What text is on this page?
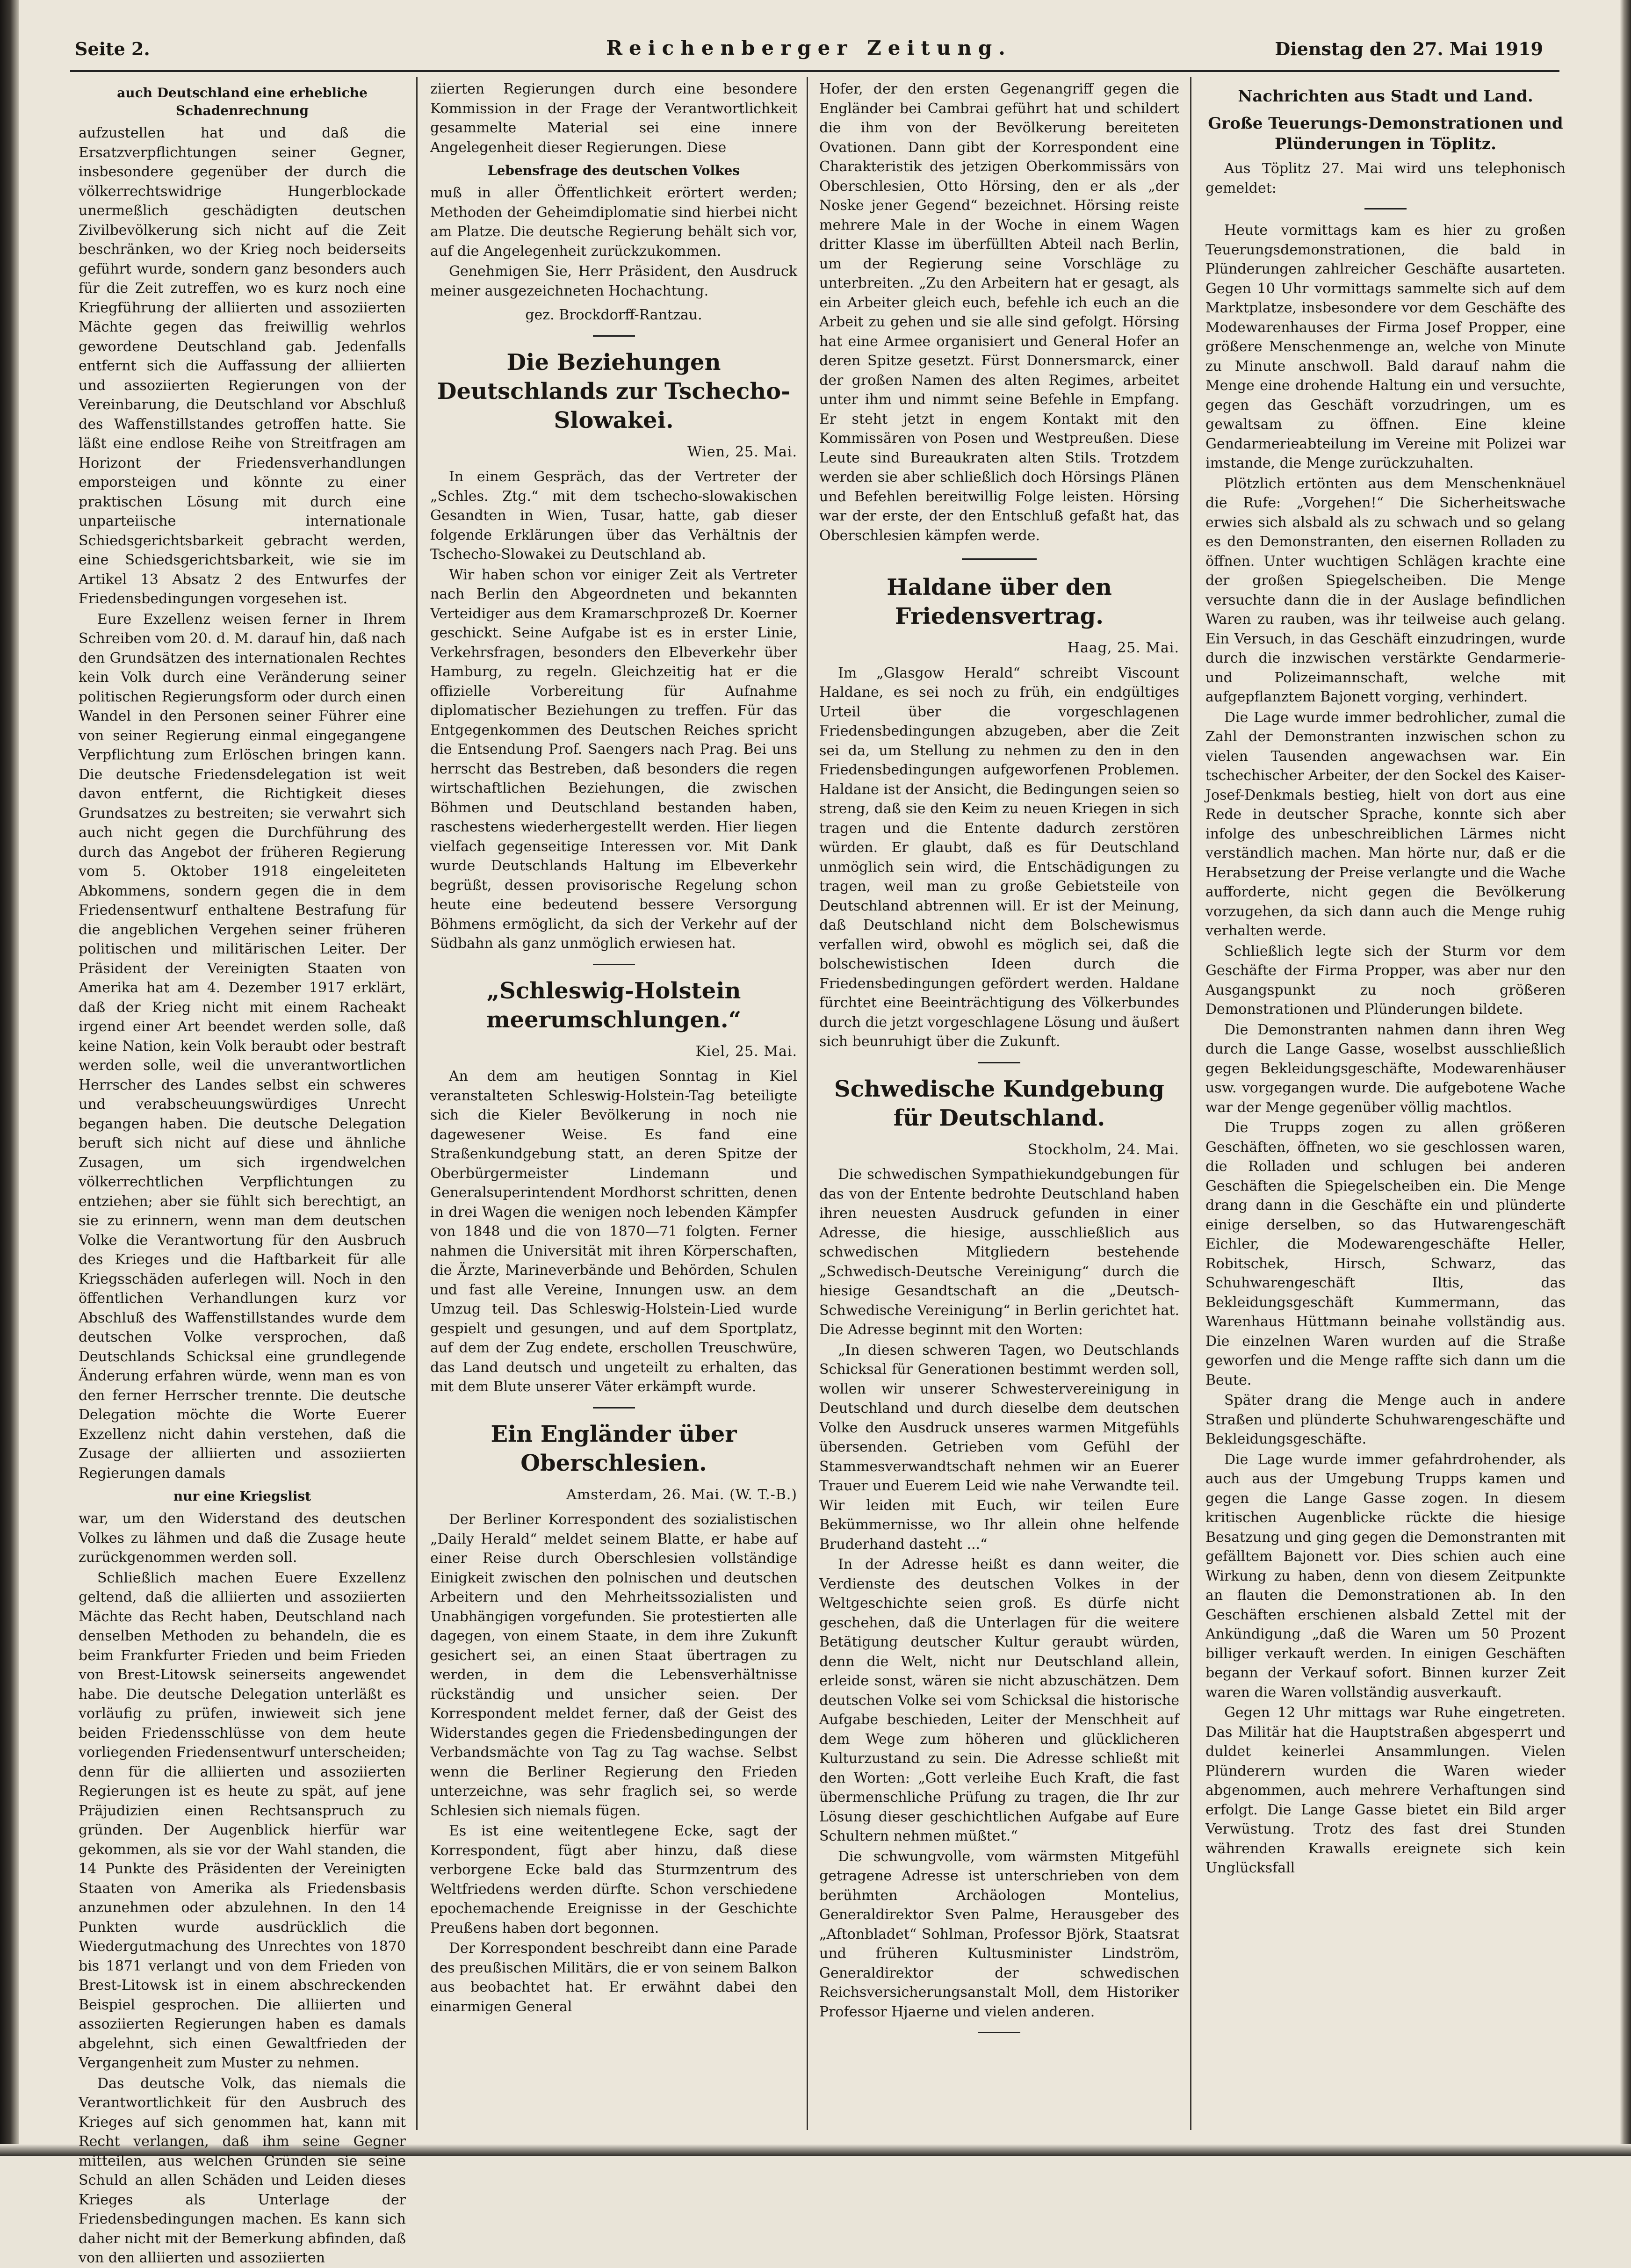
Seite 2.	Reichenberger Zeitung.	Dienstag den 27. Mai 1919
auch Deutschland eine erhebliche Schadenrechnung

aufzustellen hat und daß die Ersatzverpflichtungen seiner Gegner, insbesondere gegenüber der durch die völkerrechtswidrige Hungerblockade unermeßlich geschädigten deutschen Zivilbevölkerung sich nicht auf die Zeit beschränken, wo der Krieg noch beiderseits geführt wurde, sondern ganz besonders auch für die Zeit zutreffen, wo es kurz noch eine Kriegführung der alliierten und assoziierten Mächte gegen das freiwillig wehrlos gewordene Deutschland gab. Jedenfalls entfernt sich die Auffassung der alliierten und assoziierten Regierungen von der Vereinbarung, die Deutschland vor Abschluß des Waffenstillstandes getroffen hatte. Sie läßt eine endlose Reihe von Streitfragen am Horizont der Friedensverhandlungen emporsteigen und könnte zu einer praktischen Lösung mit durch eine unparteiische internationale Schiedsgerichtsbarkeit gebracht werden, eine Schiedsgerichtsbarkeit, wie sie im Artikel 13 Absatz 2 des Entwurfes der Friedensbedingungen vorgesehen ist.

Eure Exzellenz weisen ferner in Ihrem Schreiben vom 20. d. M. darauf hin, daß nach den Grundsätzen des internationalen Rechtes kein Volk durch eine Veränderung seiner politischen Regierungsform oder durch einen Wandel in den Personen seiner Führer eine von seiner Regierung einmal eingegangene Verpflichtung zum Erlöschen bringen kann. Die deutsche Friedensdelegation ist weit davon entfernt, die Richtigkeit dieses Grundsatzes zu bestreiten; sie verwahrt sich auch nicht gegen die Durchführung des durch das Angebot der früheren Regierung vom 5. Oktober 1918 eingeleiteten Abkommens, sondern gegen die in dem Friedensentwurf enthaltene Bestrafung für die angeblichen Vergehen seiner früheren politischen und militärischen Leiter. Der Präsident der Vereinigten Staaten von Amerika hat am 4. Dezember 1917 erklärt, daß der Krieg nicht mit einem Racheakt irgend einer Art beendet werden solle, daß keine Nation, kein Volk beraubt oder bestraft werden solle, weil die unverantwortlichen Herrscher des Landes selbst ein schweres und verabscheuungswürdiges Unrecht begangen haben. Die deutsche Delegation beruft sich nicht auf diese und ähnliche Zusagen, um sich irgendwelchen völkerrechtlichen Verpflichtungen zu entziehen; aber sie fühlt sich berechtigt, an sie zu erinnern, wenn man dem deutschen Volke die Verantwortung für den Ausbruch des Krieges und die Haftbarkeit für alle Kriegsschäden auferlegen will. Noch in den öffentlichen Verhandlungen kurz vor Abschluß des Waffenstillstandes wurde dem deutschen Volke versprochen, daß Deutschlands Schicksal eine grundlegende Änderung erfahren würde, wenn man es von den ferner Herrscher trennte. Die deutsche Delegation möchte die Worte Euerer Exzellenz nicht dahin verstehen, daß die Zusage der alliierten und assoziierten Regierungen damals

nur eine Kriegslist

war, um den Widerstand des deutschen Volkes zu lähmen und daß die Zusage heute zurückgenommen werden soll.

Schließlich machen Euere Exzellenz geltend, daß die alliierten und assoziierten Mächte das Recht haben, Deutschland nach denselben Methoden zu behandeln, die es beim Frankfurter Frieden und beim Frieden von Brest-Litowsk seinerseits angewendet habe. Die deutsche Delegation unterläßt es vorläufig zu prüfen, inwieweit sich jene beiden Friedensschlüsse von dem heute vorliegenden Friedensentwurf unterscheiden; denn für die alliierten und assoziierten Regierungen ist es heute zu spät, auf jene Präjudizien einen Rechtsanspruch zu gründen. Der Augenblick hierfür war gekommen, als sie vor der Wahl standen, die 14 Punkte des Präsidenten der Vereinigten Staaten von Amerika als Friedensbasis anzunehmen oder abzulehnen. In den 14 Punkten wurde ausdrücklich die Wiedergutmachung des Unrechtes von 1870 bis 1871 verlangt und von dem Frieden von Brest-Litowsk ist in einem abschreckenden Beispiel gesprochen. Die alliierten und assoziierten Regierungen haben es damals abgelehnt, sich einen Gewaltfrieden der Vergangenheit zum Muster zu nehmen.

Das deutsche Volk, das niemals die Verantwortlichkeit für den Ausbruch des Krieges auf sich genommen hat, kann mit Recht verlangen, daß ihm seine Gegner mitteilen, aus welchen Gründen sie seine Schuld an allen Schäden und Leiden dieses Krieges als Unterlage der Friedensbedingungen machen. Es kann sich daher nicht mit der Bemerkung abfinden, daß von den alliierten und assoziierten

ziierten Regierungen durch eine besondere Kommission in der Frage der Verantwortlichkeit gesammelte Material sei eine innere Angelegenheit dieser Regierungen. Diese

Lebensfrage des deutschen Volkes

muß in aller Öffentlichkeit erörtert werden; Methoden der Geheimdiplomatie sind hierbei nicht am Platze. Die deutsche Regierung behält sich vor, auf die Angelegenheit zurückzukommen.

Genehmigen Sie, Herr Präsident, den Ausdruck meiner ausgezeichneten Hochachtung.

gez. Brockdorff-Rantzau.
Die Beziehungen Deutschlands zur Tschecho-Slowakei.
Wien, 25. Mai.

In einem Gespräch, das der Vertreter der „Schles. Ztg.“ mit dem tschecho-slowakischen Gesandten in Wien, Tusar, hatte, gab dieser folgende Erklärungen über das Verhältnis der Tschecho-Slowakei zu Deutschland ab.

Wir haben schon vor einiger Zeit als Vertreter nach Berlin den Abgeordneten und bekannten Verteidiger aus dem Kramarschprozeß Dr. Koerner geschickt. Seine Aufgabe ist es in erster Linie, Verkehrsfragen, besonders den Elbeverkehr über Hamburg, zu regeln. Gleichzeitig hat er die offizielle Vorbereitung für Aufnahme diplomatischer Beziehungen zu treffen. Für das Entgegenkommen des Deutschen Reiches spricht die Entsendung Prof. Saengers nach Prag. Bei uns herrscht das Bestreben, daß besonders die regen wirtschaftlichen Beziehungen, die zwischen Böhmen und Deutschland bestanden haben, raschestens wiederhergestellt werden. Hier liegen vielfach gegenseitige Interessen vor. Mit Dank wurde Deutschlands Haltung im Elbeverkehr begrüßt, dessen provisorische Regelung schon heute eine bedeutend bessere Versorgung Böhmens ermöglicht, da sich der Verkehr auf der Südbahn als ganz unmöglich erwiesen hat.

„Schleswig-Holstein meerumschlungen.“
Kiel, 25. Mai.

An dem am heutigen Sonntag in Kiel veranstalteten Schleswig-Holstein-Tag beteiligte sich die Kieler Bevölkerung in noch nie dagewesener Weise. Es fand eine Straßenkundgebung statt, an deren Spitze der Oberbürgermeister Lindemann und Generalsuperintendent Mordhorst schritten, denen in drei Wagen die wenigen noch lebenden Kämpfer von 1848 und die von 1870—71 folgten. Ferner nahmen die Universität mit ihren Körperschaften, die Ärzte, Marineverbände und Behörden, Schulen und fast alle Vereine, Innungen usw. an dem Umzug teil. Das Schleswig-Holstein-Lied wurde gespielt und gesungen, und auf dem Sportplatz, auf dem der Zug endete, erschollen Treuschwüre, das Land deutsch und ungeteilt zu erhalten, das mit dem Blute unserer Väter erkämpft wurde.

Ein Engländer über Oberschlesien.
Amsterdam, 26. Mai. (W. T.-B.)

Der Berliner Korrespondent des sozialistischen „Daily Herald“ meldet seinem Blatte, er habe auf einer Reise durch Oberschlesien vollständige Einigkeit zwischen den polnischen und deutschen Arbeitern und den Mehrheitssozialisten und Unabhängigen vorgefunden. Sie protestierten alle dagegen, von einem Staate, in dem ihre Zukunft gesichert sei, an einen Staat übertragen zu werden, in dem die Lebensverhältnisse rückständig und unsicher seien. Der Korrespondent meldet ferner, daß der Geist des Widerstandes gegen die Friedensbedingungen der Verbandsmächte von Tag zu Tag wachse. Selbst wenn die Berliner Regierung den Frieden unterzeichne, was sehr fraglich sei, so werde Schlesien sich niemals fügen.

Es ist eine weitentlegene Ecke, sagt der Korrespondent, fügt aber hinzu, daß diese verborgene Ecke bald das Sturmzentrum des Weltfriedens werden dürfte. Schon verschiedene epochemachende Ereignisse in der Geschichte Preußens haben dort begonnen.

Der Korrespondent beschreibt dann eine Parade des preußischen Militärs, die er von seinem Balkon aus beobachtet hat. Er erwähnt dabei den einarmigen General

Hofer, der den ersten Gegenangriff gegen die Engländer bei Cambrai geführt hat und schildert die ihm von der Bevölkerung bereiteten Ovationen. Dann gibt der Korrespondent eine Charakteristik des jetzigen Oberkommissärs von Oberschlesien, Otto Hörsing, den er als „der Noske jener Gegend“ bezeichnet. Hörsing reiste mehrere Male in der Woche in einem Wagen dritter Klasse im überfüllten Abteil nach Berlin, um der Regierung seine Vorschläge zu unterbreiten. „Zu den Arbeitern hat er gesagt, als ein Arbeiter gleich euch, befehle ich euch an die Arbeit zu gehen und sie alle sind gefolgt. Hörsing hat eine Armee organisiert und General Hofer an deren Spitze gesetzt. Fürst Donnersmarck, einer der großen Namen des alten Regimes, arbeitet unter ihm und nimmt seine Befehle in Empfang. Er steht jetzt in engem Kontakt mit den Kommissären von Posen und Westpreußen. Diese Leute sind Bureaukraten alten Stils. Trotzdem werden sie aber schließlich doch Hörsings Plänen und Befehlen bereitwillig Folge leisten. Hörsing war der erste, der den Entschluß gefaßt hat, das Oberschlesien kämpfen werde.

Haldane über den Friedensvertrag.
Haag, 25. Mai.

Im „Glasgow Herald“ schreibt Viscount Haldane, es sei noch zu früh, ein endgültiges Urteil über die vorgeschlagenen Friedensbedingungen abzugeben, aber die Zeit sei da, um Stellung zu nehmen zu den in den Friedensbedingungen aufgeworfenen Problemen. Haldane ist der Ansicht, die Bedingungen seien so streng, daß sie den Keim zu neuen Kriegen in sich tragen und die Entente dadurch zerstören würden. Er glaubt, daß es für Deutschland unmöglich sein wird, die Entschädigungen zu tragen, weil man zu große Gebietsteile von Deutschland abtrennen will. Er ist der Meinung, daß Deutschland nicht dem Bolschewismus verfallen wird, obwohl es möglich sei, daß die bolschewistischen Ideen durch die Friedensbedingungen gefördert werden. Haldane fürchtet eine Beeinträchtigung des Völkerbundes durch die jetzt vorgeschlagene Lösung und äußert sich beunruhigt über die Zukunft.

Schwedische Kundgebung für Deutschland.
Stockholm, 24. Mai.

Die schwedischen Sympathiekundgebungen für das von der Entente bedrohte Deutschland haben ihren neuesten Ausdruck gefunden in einer Adresse, die hiesige, ausschließlich aus schwedischen Mitgliedern bestehende „Schwedisch-Deutsche Vereinigung“ durch die hiesige Gesandtschaft an die „Deutsch-Schwedische Vereinigung“ in Berlin gerichtet hat. Die Adresse beginnt mit den Worten:

„In diesen schweren Tagen, wo Deutschlands Schicksal für Generationen bestimmt werden soll, wollen wir unserer Schwestervereinigung in Deutschland und durch dieselbe dem deutschen Volke den Ausdruck unseres warmen Mitgefühls übersenden. Getrieben vom Gefühl der Stammesverwandtschaft nehmen wir an Euerer Trauer und Euerem Leid wie nahe Verwandte teil. Wir leiden mit Euch, wir teilen Eure Bekümmernisse, wo Ihr allein ohne helfende Bruderhand dasteht ...“

In der Adresse heißt es dann weiter, die Verdienste des deutschen Volkes in der Weltgeschichte seien groß. Es dürfe nicht geschehen, daß die Unterlagen für die weitere Betätigung deutscher Kultur geraubt würden, denn die Welt, nicht nur Deutschland allein, erleide sonst, wären sie nicht abzuschätzen. Dem deutschen Volke sei vom Schicksal die historische Aufgabe beschieden, Leiter der Menschheit auf dem Wege zum höheren und glücklicheren Kulturzustand zu sein. Die Adresse schließt mit den Worten: „Gott verleihe Euch Kraft, die fast übermenschliche Prüfung zu tragen, die Ihr zur Lösung dieser geschichtlichen Aufgabe auf Eure Schultern nehmen müßtet.“

Die schwungvolle, vom wärmsten Mitgefühl getragene Adresse ist unterschrieben von dem berühmten Archäologen Montelius, Generaldirektor Sven Palme, Herausgeber des „Aftonbladet“ Sohlman, Professor Björk, Staatsrat und früheren Kultusminister Lindström, Generaldirektor der schwedischen Reichsversicherungsanstalt Moll, dem Historiker Professor Hjaerne und vielen anderen.

Nachrichten aus Stadt und Land.
Große Teuerungs-Demonstrationen und Plünderungen in Töplitz.

Aus Töplitz 27. Mai wird uns telephonisch gemeldet:

Heute vormittags kam es hier zu großen Teuerungsdemonstrationen, die bald in Plünderungen zahlreicher Geschäfte ausarteten. Gegen 10 Uhr vormittags sammelte sich auf dem Marktplatze, insbesondere vor dem Geschäfte des Modewarenhauses der Firma Josef Propper, eine größere Menschenmenge an, welche von Minute zu Minute anschwoll. Bald darauf nahm die Menge eine drohende Haltung ein und versuchte, gegen das Geschäft vorzudringen, um es gewaltsam zu öffnen. Eine kleine Gendarmerieabteilung im Vereine mit Polizei war imstande, die Menge zurückzuhalten.

Plötzlich ertönten aus dem Menschenknäuel die Rufe: „Vorgehen!“ Die Sicherheitswache erwies sich alsbald als zu schwach und so gelang es den Demonstranten, den eisernen Rolladen zu öffnen. Unter wuchtigen Schlägen krachte eine der großen Spiegelscheiben. Die Menge versuchte dann die in der Auslage befindlichen Waren zu rauben, was ihr teilweise auch gelang. Ein Versuch, in das Geschäft einzudringen, wurde durch die inzwischen verstärkte Gendarmerie- und Polizeimannschaft, welche mit aufgepflanztem Bajonett vorging, verhindert.

Die Lage wurde immer bedrohlicher, zumal die Zahl der Demonstranten inzwischen schon zu vielen Tausenden angewachsen war. Ein tschechischer Arbeiter, der den Sockel des Kaiser-Josef-Denkmals bestieg, hielt von dort aus eine Rede in deutscher Sprache, konnte sich aber infolge des unbeschreiblichen Lärmes nicht verständlich machen. Man hörte nur, daß er die Herabsetzung der Preise verlangte und die Wache aufforderte, nicht gegen die Bevölkerung vorzugehen, da sich dann auch die Menge ruhig verhalten werde.

Schließlich legte sich der Sturm vor dem Geschäfte der Firma Propper, was aber nur den Ausgangspunkt zu noch größeren Demonstrationen und Plünderungen bildete.

Die Demonstranten nahmen dann ihren Weg durch die Lange Gasse, woselbst ausschließlich gegen Bekleidungsgeschäfte, Modewarenhäuser usw. vorgegangen wurde. Die aufgebotene Wache war der Menge gegenüber völlig machtlos.

Die Trupps zogen zu allen größeren Geschäften, öffneten, wo sie geschlossen waren, die Rolladen und schlugen bei anderen Geschäften die Spiegelscheiben ein. Die Menge drang dann in die Geschäfte ein und plünderte einige derselben, so das Hutwarengeschäft Eichler, die Modewarengeschäfte Heller, Robitschek, Hirsch, Schwarz, das Schuhwarengeschäft Iltis, das Bekleidungsgeschäft Kummermann, das Warenhaus Hüttmann beinahe vollständig aus. Die einzelnen Waren wurden auf die Straße geworfen und die Menge raffte sich dann um die Beute.

Später drang die Menge auch in andere Straßen und plünderte Schuhwarengeschäfte und Bekleidungsgeschäfte.

Die Lage wurde immer gefahrdrohender, als auch aus der Umgebung Trupps kamen und gegen die Lange Gasse zogen. In diesem kritischen Augenblicke rückte die hiesige Besatzung und ging gegen die Demonstranten mit gefälltem Bajonett vor. Dies schien auch eine Wirkung zu haben, denn von diesem Zeitpunkte an flauten die Demonstrationen ab. In den Geschäften erschienen alsbald Zettel mit der Ankündigung „daß die Waren um 50 Prozent billiger verkauft werden. In einigen Geschäften begann der Verkauf sofort. Binnen kurzer Zeit waren die Waren vollständig ausverkauft.

Gegen 12 Uhr mittags war Ruhe eingetreten. Das Militär hat die Hauptstraßen abgesperrt und duldet keinerlei Ansammlungen. Vielen Plünderern wurden die Waren wieder abgenommen, auch mehrere Verhaftungen sind erfolgt. Die Lange Gasse bietet ein Bild arger Verwüstung. Trotz des fast drei Stunden währenden Krawalls ereignete sich kein Unglücksfall
